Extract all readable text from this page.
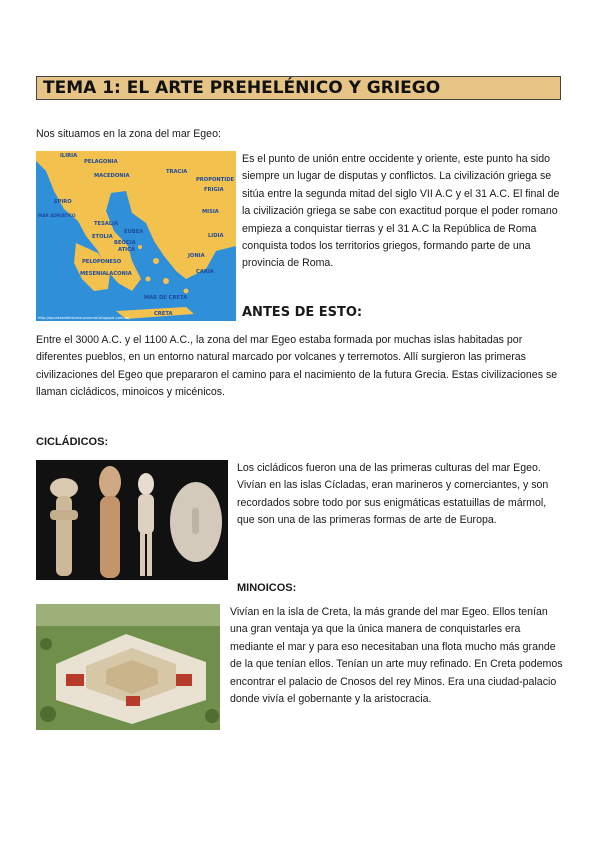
TEMA 1: EL ARTE PREHELÉNICO Y GRIEGO

Nos situamos en la zona del mar Egeo:

ILIRIA
PELAGONIA
TRACIA
MACEDONIA
PROPONTIDE
FRIGIA
EPIRO
TESALIA
EUBEA
LIDIA
ETOLIA
BEOCIA
ATICA
JONIA
PELOPONESO
MESENIA LACONIA	CARIA
MAR ADRIÁTICO
MAR DE CRETA
CRETA
MISIA
http://apuntesdehistoriauniversal.blogspot.com.es/

Es el punto de unión entre occidente y oriente, este punto ha sido siempre un lugar de disputas y conflictos. La civilización griega se sitúa entre la segunda mitad del siglo VII A.C y el 31 A.C. El final de la civilización griega se sabe con exactitud porque el poder romano empieza a conquistar tierras y el 31 A.C la República de Roma conquista todos los territorios griegos, formando parte de una provincia de Roma.

ANTES DE ESTO:

Entre el 3000 A.C. y el 1100 A.C., la zona del mar Egeo estaba formada por muchas islas habitadas por diferentes pueblos, en un entorno natural marcado por volcanes y terremotos. Allí surgieron las primeras civilizaciones del Egeo que prepararon el camino para el nacimiento de la futura Grecia. Estas civilizaciones se llaman cicládicos, minoicos y micénicos.

CICLÁDICOS:

Los cicládicos fueron una de las primeras culturas del mar Egeo. Vivían en las islas Cícladas, eran marineros y comerciantes, y son recordados sobre todo por sus enigmáticas estatuillas de mármol, que son una de las primeras formas de arte de Europa.

MINOICOS:

Vivían en la isla de Creta, la más grande del mar Egeo. Ellos tenían una gran ventaja ya que la única manera de conquistarles era mediante el mar y para eso necesitaban una flota mucho más grande de la que tenían ellos. Tenían un arte muy refinado. En Creta podemos encontrar el palacio de Cnosos del rey Minos. Era una ciudad-palacio donde vivía el gobernante y la aristocracia.
